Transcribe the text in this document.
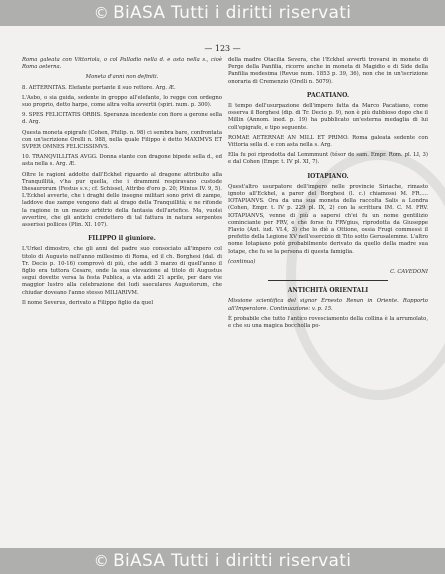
© BiASA Tutti i diritti riservati
— 123 —

Roma galeata con Vittoriola, o col Palladio nella d. e asta nella s., cioè Roma aeterna.

Moneta d'anni non definiti.

8. AETERNITAS. Elefante portante il suo rettore. Arg. Æ.

L'Asbo, o sia guida, sedente in groppo all'elefante, lo regge con ordegno suo proprio, detto harpe, come altra volta avvertii (spiri. num. p. 300).

9. SPES FELICITATIS ORBIS. Speranza incedente con fiore a gerone sella d. Arg.

Questa moneta epigrafe (Cohen, Philip. n. 98) ci sembra bare, confrontata con un'iscrizione Orelli n. 988, nella quale Filippo è detto MAXIMVS ET SVPER OMNES FELICISSIMVS.

10. TRANQVILLITAS AVGG. Donna stante con dragone bipede sella d., ed asta nella s. Arg. Æ.

Oltre le ragioni addotte dall'Eckhel riguardo al dragone attribuito alla Tranquillità, v'ha pur quella, che i drammmi respiravano custode thesaurorum (Festus s.v.; cf. Schissel, Attribo d'oro p. 20; Plinius IV. 9, 5). L'Eckhel avverte, che i draghi delle insegne militari sono privi di zampe, laddove due zampe vengono dati al drago della Tranquillità; e ne rifonde la ragione in un mezzo arbitrio della fantasia dell'artefice. Ma, vuolsi avvertire, che gli antichi credettero di tal fattura in natura serpentes asserissi pollices (Plin. XI. 107).

FILIPPO il giuniore.

L'Urkel dimostro, che gli anni del padre suo consociato all'impero col titolo di Augusto nell'anno millesimo di Roma, ed il ch. Borghesi (dal. di Tr. Decio p. 10-16) comprovò di più, che addi 3 marzo di quell'anno il figlio era tuttora Cesare, onde la sua elevazione al titolo di Augustus segui dovette versa la festa Publica, a via addi 21 aprile, per dare vie maggior lustro alla celebrazione dei ludi saeculares Augustorum, che chiudar doveano l'anno stesso MILIARIVM.

Il nome Severus, derivato a Filippo figlio da quel

della madre Otacilia Severa, che l'Eckhel avverti trovarsi in monete di Perge della Panfilia, ricorre anche in moneta di Magidio e di Side della Panfilia medesima (Revue num. 1853 p. 39, 36), non che in un'iscrizione onoraria di Cremenzio (Orelli n. 5079).

PACATIANO.

Il tempo dell'usurpazione dell'impero fatta da Marco Pacatiano, come osserva il Borghesi (dip. di Tr. Decio p. 9), non è più dubbioso dopo che il Millin (Annom. ined. p. 19) ha pubblicato un'esterna medaglia di lui coll'epigrafe, e tipo seguente.

ROMAE AETERNAE AN MILL ET PRIMO. Roma galeata sedente con Vittoria sella d. e con asta nella s. Arg.

Ella fu poi riprodotta dal Lemmmunt (tésor de sam. Empr. Rom. pl. LI, 3) e dal Cohen (Empr. t. IV pl. XI, 7).

IOTAPIANO.

Quest'altro usurpatore dell'impero nelle provincie Siriache, rimasto ignoto all'Eckhel, a parer del Borghesi (l. c.) chiamossi M. FR..... IOTAPIANVS. Ora da una sua moneta della raccolta Salis a Londra (Cohen, Empr. t. IV p. 229 pl. IX, 2) con la scrittura IM. C. M. FRV. IOTAPIANVS, venne di più a sapersi ch'ei fu un nome gentilizio cominciante per FRV, e che forse fu FRVgius, riprodotta da Giuseppe Flavio (Ant. iud. VI.4, 3) che lo diè a Ottione, ossia Frugi commessi il prefetto della Legione XV nell'esercizio di Tito sotto Gerusalemme. L'altro nome Iotapiano potè probabilmente derivato da quello della madre sua Iotape, che fu se la persona di questa famiglia.

(continua)

C. CAVEDONI

ANTICHITÀ ORIENTALI

Missione scientifica del signor Ernesto Renan in Oriente. Rapporto all'Imperatore. Continuazione: v. p. 15.

È probabile che tutto l'antico rovesciamento della collina è la arrumolato, e che su una magica boccholla po-

© BiASA Tutti i diritti riservati
